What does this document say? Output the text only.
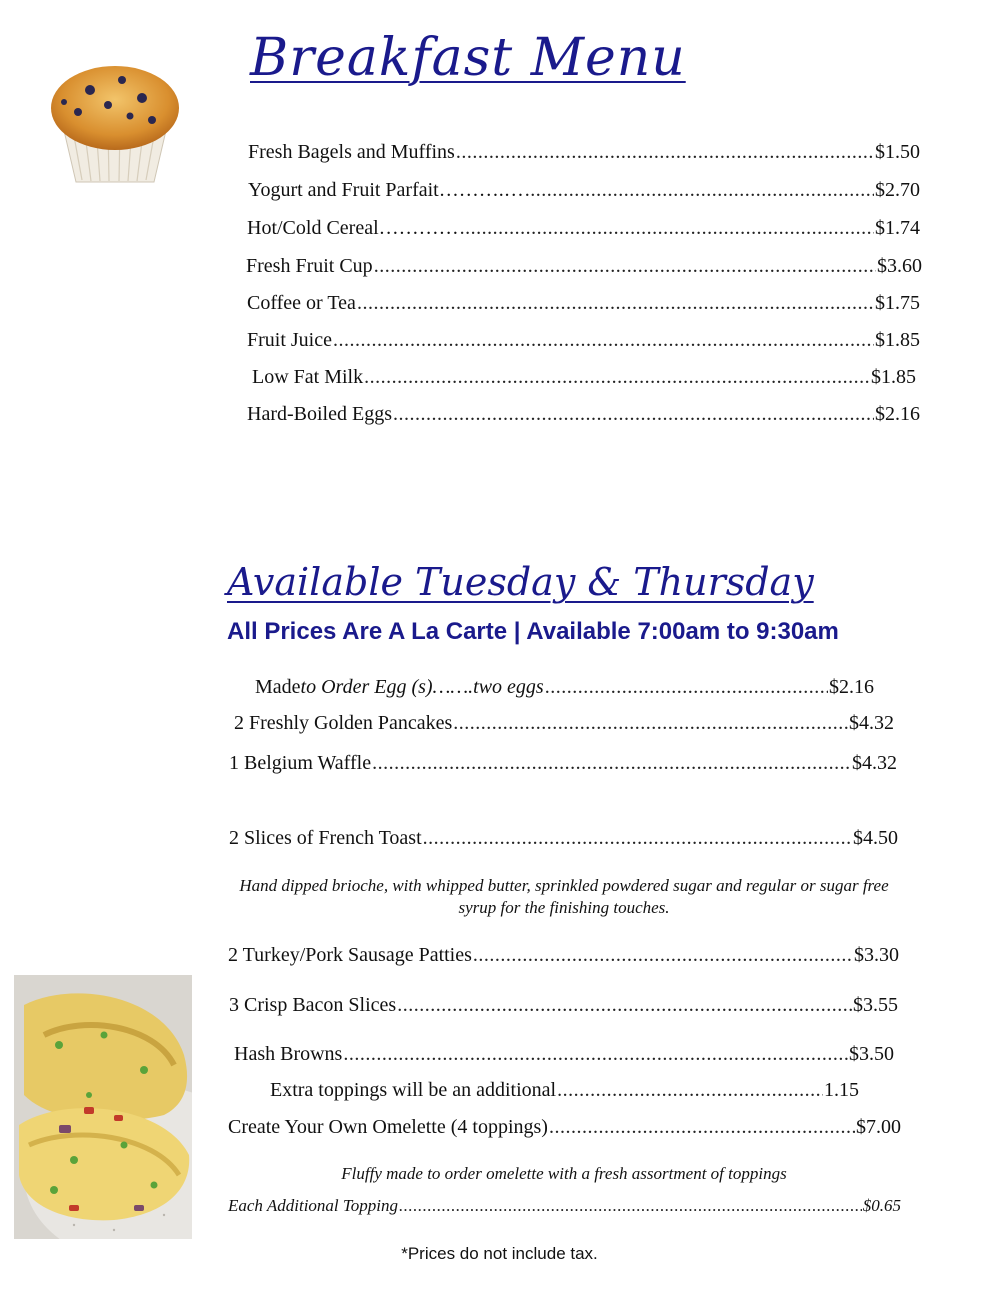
Breakfast Menu
Fresh Bagels and Muffins .....	$1.50
Yogurt and Fruit Parfait……….… .....	$2.70
Hot/Cold Cereal………… .....	$1.74
Fresh Fruit Cup .....	$3.60
Coffee or Tea .....	$1.75
Fruit Juice .....	$1.85
Low Fat Milk .....	$1.85
Hard-Boiled Eggs .....	$2.16
Available Tuesday & Thursday
All Prices Are A La Carte | Available 7:00am to 9:30am
Made to Order Egg (s)…….two eggs .....	$2.16
2 Freshly Golden Pancakes .....	$4.32
1 Belgium Waffle .....	$4.32
2 Slices of French Toast .....	$4.50
Hand dipped brioche, with whipped butter, sprinkled powdered sugar and regular or sugar free syrup for the finishing touches.
2 Turkey/Pork Sausage Patties .....	$3.30
3 Crisp Bacon Slices .....	$3.55
Hash Browns .....	$3.50
Extra toppings will be an additional .....	1.15
Create Your Own Omelette (4 toppings) .....	$7.00
Fluffy made to order omelette with a fresh assortment of toppings
Each Additional Topping .....	$0.65
*Prices do not include tax.
